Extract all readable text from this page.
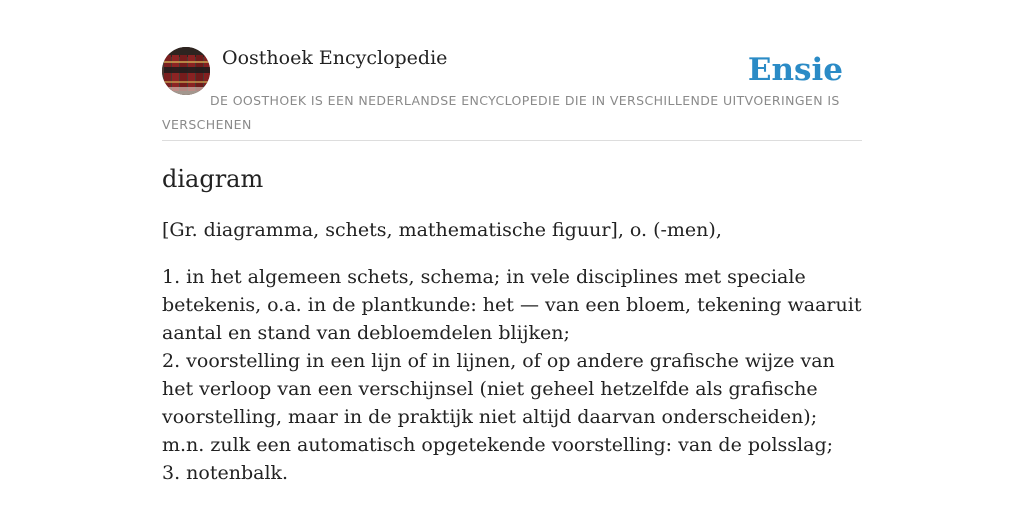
Oosthoek Encyclopedie	Ensie
DE OOSTHOEK IS EEN NEDERLANDSE ENCYCLOPEDIE DIE IN VERSCHILLENDE UITVOERINGEN IS VERSCHENEN
diagram

[Gr. diagramma, schets, mathematische figuur], o. (-men),

1. in het algemeen schets, schema; in vele disciplines met speciale betekenis, o.a. in de plantkunde: het — van een bloem, tekening waaruit aantal en stand van debloemdelen blijken;
2. voorstelling in een lijn of in lijnen, of op andere grafische wijze van het verloop van een verschijnsel (niet geheel hetzelfde als grafische voorstelling, maar in de praktijk niet altijd daarvan onderscheiden); m.n. zulk een automatisch opgetekende voorstelling: van de polsslag;
3. notenbalk.
